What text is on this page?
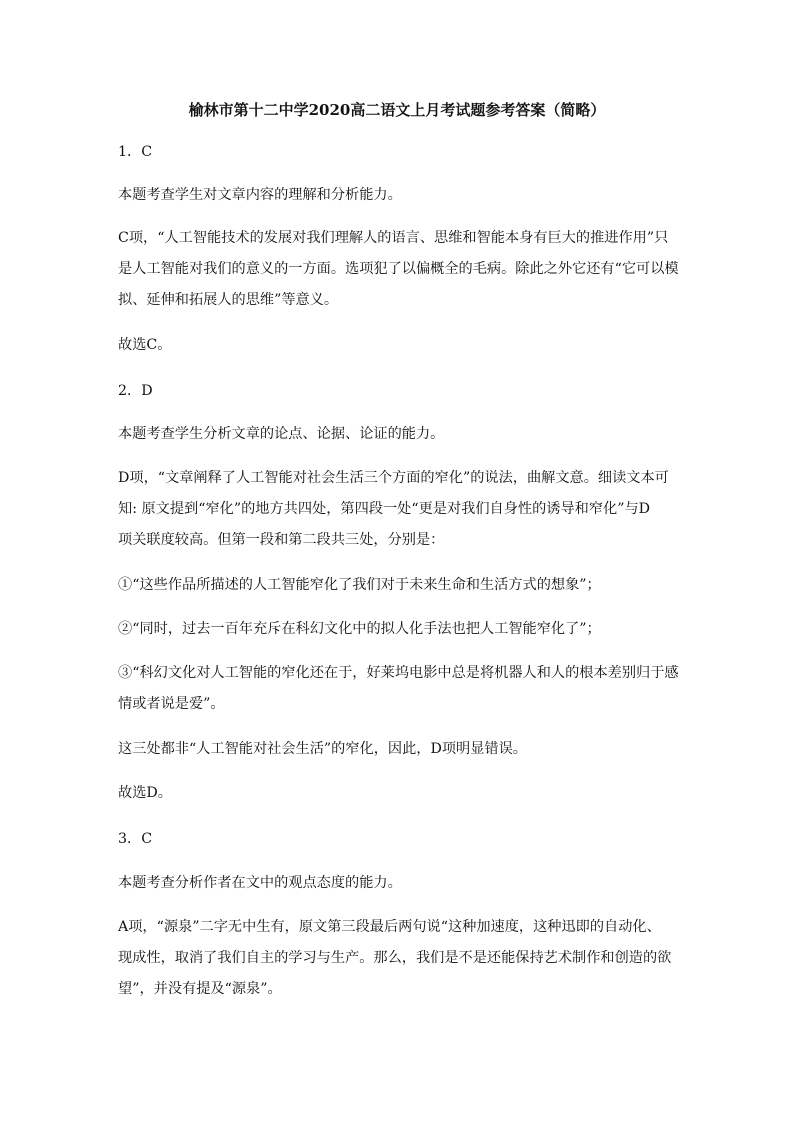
榆林市第十二中学2020高二语文上月考试题参考答案（简略）
1．C
本题考查学生对文章内容的理解和分析能力。
C项，“人工智能技术的发展对我们理解人的语言、思维和智能本身有巨大的推进作用”只
是人工智能对我们的意义的一方面。选项犯了以偏概全的毛病。除此之外它还有“它可以模
拟、延伸和拓展人的思维”等意义。
故选C。
2．D
本题考查学生分析文章的论点、论据、论证的能力。
D项，“文章阐释了人工智能对社会生活三个方面的窄化”的说法，曲解文意。细读文本可
知: 原文提到“窄化”的地方共四处，第四段一处“更是对我们自身性的诱导和窄化”与D
项关联度较高。但第一段和第二段共三处，分别是：
①“这些作品所描述的人工智能窄化了我们对于未来生命和生活方式的想象”；
②“同时，过去一百年充斥在科幻文化中的拟人化手法也把人工智能窄化了”；
③“科幻文化对人工智能的窄化还在于，好莱坞电影中总是将机器人和人的根本差别归于感
情或者说是爱”。
这三处都非“人工智能对社会生活”的窄化，因此，D项明显错误。
故选D。
3．C
本题考查分析作者在文中的观点态度的能力。
A项，“源泉”二字无中生有，原文第三段最后两句说“这种加速度，这种迅即的自动化、
现成性，取消了我们自主的学习与生产。那么，我们是不是还能保持艺术制作和创造的欲
望”，并没有提及“源泉”。
